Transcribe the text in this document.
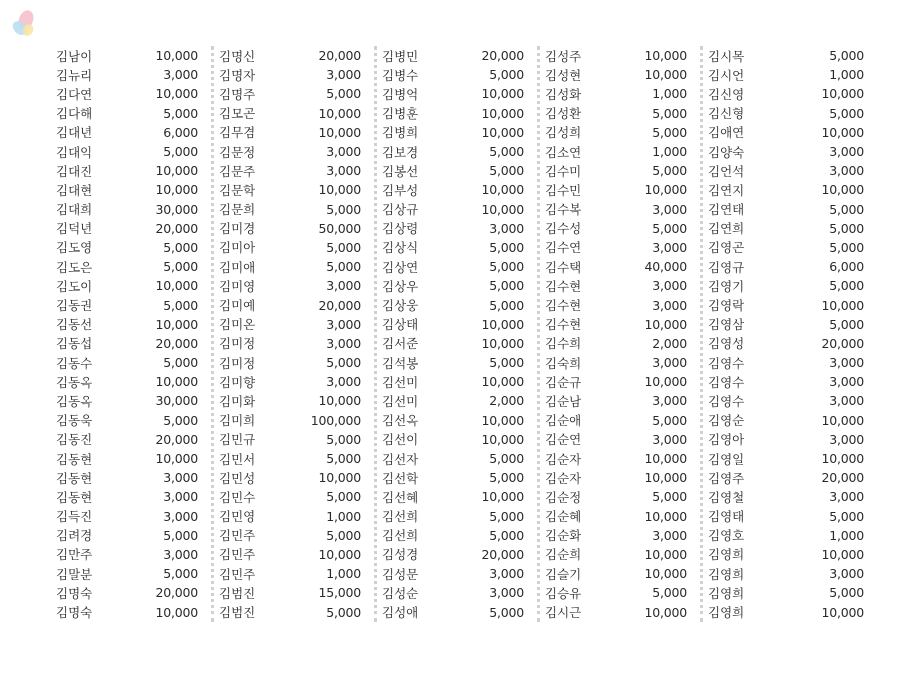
김남이	10,000
김뉴리	3,000
김다연	10,000
김다해	5,000
김대년	6,000
김대익	5,000
김대진	10,000
김대현	10,000
김대희	30,000
김덕년	20,000
김도영	5,000
김도은	5,000
김도이	10,000
김동권	5,000
김동선	10,000
김동섭	20,000
김동수	5,000
김동옥	10,000
김동옥	30,000
김동욱	5,000
김동진	20,000
김동현	10,000
김동현	3,000
김동현	3,000
김득진	3,000
김려경	5,000
김만주	3,000
김말분	5,000
김명숙	20,000
김명숙	10,000
김명신	20,000
김명자	3,000
김명주	5,000
김모곤	10,000
김무겸	10,000
김문정	3,000
김문주	3,000
김문학	10,000
김문희	5,000
김미경	50,000
김미아	5,000
김미애	5,000
김미영	3,000
김미예	20,000
김미온	3,000
김미정	3,000
김미정	5,000
김미향	3,000
김미화	10,000
김미희	100,000
김민규	5,000
김민서	5,000
김민성	10,000
김민수	5,000
김민영	1,000
김민주	5,000
김민주	10,000
김민주	1,000
김범진	15,000
김범진	5,000
김병민	20,000
김병수	5,000
김병억	10,000
김병훈	10,000
김병희	10,000
김보경	5,000
김봉선	5,000
김부성	10,000
김상규	10,000
김상령	3,000
김상식	5,000
김상연	5,000
김상우	5,000
김상웅	5,000
김상태	10,000
김서준	10,000
김석봉	5,000
김선미	10,000
김선미	2,000
김선옥	10,000
김선이	10,000
김선자	5,000
김선학	5,000
김선혜	10,000
김선희	5,000
김선희	5,000
김성경	20,000
김성문	3,000
김성순	3,000
김성애	5,000
김성주	10,000
김성현	10,000
김성화	1,000
김성환	5,000
김성희	5,000
김소연	1,000
김수미	5,000
김수민	10,000
김수복	3,000
김수성	5,000
김수연	3,000
김수택	40,000
김수현	3,000
김수현	3,000
김수현	10,000
김수희	2,000
김숙희	3,000
김순규	10,000
김순남	3,000
김순애	5,000
김순연	3,000
김순자	10,000
김순자	10,000
김순정	5,000
김순혜	10,000
김순화	3,000
김순희	10,000
김슬기	10,000
김승유	5,000
김시근	10,000
김시목	5,000
김시언	1,000
김신영	10,000
김신형	5,000
김애연	10,000
김양숙	3,000
김언석	3,000
김연지	10,000
김연태	5,000
김연희	5,000
김영곤	5,000
김영규	6,000
김영기	5,000
김영락	10,000
김영삼	5,000
김영성	20,000
김영수	3,000
김영수	3,000
김영수	3,000
김영순	10,000
김영아	3,000
김영일	10,000
김영주	20,000
김영철	3,000
김영태	5,000
김영호	1,000
김영희	10,000
김영희	3,000
김영희	5,000
김영희	10,000
